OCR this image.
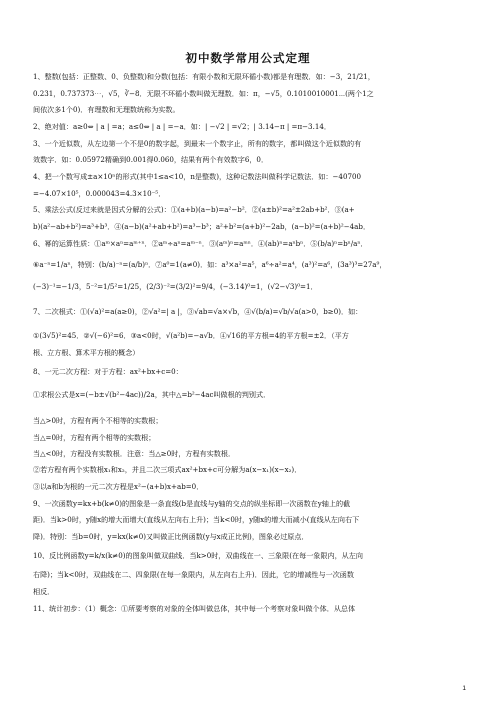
初中数学常用公式定理
1、整数(包括：正整数、0、负整数)和分数(包括：有限小数和无限环循小数)都是有理数．如：−3，21/21，
0.231，0.737373⋯，√5，∛−8．无限不环循小数叫做无理数．如：π，−√5，0.1010010001⋯(两个1之
间依次多1个0)．有理数和无理数统称为实数。
2、绝对值：a≥0⇔ | a | =a；a≤0⇔ | a | =−a．如：| −√2 | =√2；| 3.14−π | =π−3.14．
3、一个近似数，从左边第一个不是0的数字起，到最末一个数字止，所有的数字，都叫做这个近似数的有
效数字．如：0.05972精确到0.001得0.060，结果有两个有效数字6，0．
4、把一个数写成±a×10ⁿ的形式(其中1≤a<10，n是整数)，这种记数法叫做科学记数法．如：−40700
=−4.07×10⁵，0.000043=4.3×10⁻⁵．
5、乘法公式(反过来就是因式分解的公式)：①(a+b)(a−b)=a²−b²．②(a±b)²=a²±2ab+b²．③(a+
b)(a²−ab+b²)=a³+b³．④(a−b)(a²+ab+b²)=a³−b³；a²+b²=(a+b)²−2ab，(a−b)²=(a+b)²−4ab．
6、幂的运算性质：①aᵐ×aⁿ=aᵐ⁺ⁿ．②aᵐ÷aⁿ=aᵐ⁻ⁿ．③(aᵐ)ⁿ=aᵐⁿ．④(ab)ⁿ=aⁿbⁿ．⑤(b/a)ⁿ=bⁿ/aⁿ．
⑥a⁻ⁿ=1/aⁿ，特别：(b/a)⁻ⁿ=(a/b)ⁿ．⑦a⁰=1(a≠0)．如：a³×a²=a⁵，a⁶÷a²=a⁴，(a³)²=a⁶，(3a³)³=27a⁹，
(−3)⁻¹=−1/3，5⁻²=1/5²=1/25，(2/3)⁻²=(3/2)²=9/4，(−3.14)⁰=1，(√2−√3)⁰=1．
7、二次根式：①(√a)²=a(a≥0)，②√a²=| a |，③√ab=√a×√b，④√(b/a)=√b/√a(a>0，b≥0)．如：
①(3√5)²=45．②√(−6)²=6．③a<0时，√(a²b)=−a√b．④√16的平方根=4的平方根=±2．（平方
根、立方根、算术平方根的概念）
8、一元二次方程：对于方程：ax²+bx+c=0：
①求根公式是x=(−b±√(b²−4ac))/2a，其中△=b²−4ac叫做根的判别式．
当△>0时，方程有两个不相等的实数根；
当△=0时，方程有两个相等的实数根；
当△<0时，方程没有实数根．注意：当△≥0时，方程有实数根．
②若方程有两个实数根x₁和x₂，并且二次三项式ax²+bx+c可分解为a(x−x₁)(x−x₂)．
③以a和b为根的一元二次方程是x²−(a+b)x+ab=0．
9、一次函数y=kx+b(k≠0)的图象是一条直线(b是直线与y轴的交点的纵坐标即一次函数在y轴上的截
距)．当k>0时，y随x的增大而增大(直线从左向右上升)；当k<0时，y随x的增大而减小(直线从左向右下
降)．特别：当b=0时，y=kx(k≠0)又叫做正比例函数(y与x成正比例)，图象必过原点．
10、反比例函数y=k/x(k≠0)的图象叫做双曲线．当k>0时，双曲线在一、三象限(在每一象限内，从左向
右降)；当k<0时，双曲线在二、四象限(在每一象限内，从左向右上升)．因此，它的增减性与一次函数
相反．
11、统计初步：（1）概念：①所要考察的对象的全体叫做总体，其中每一个考察对象叫做个体．从总体
1
